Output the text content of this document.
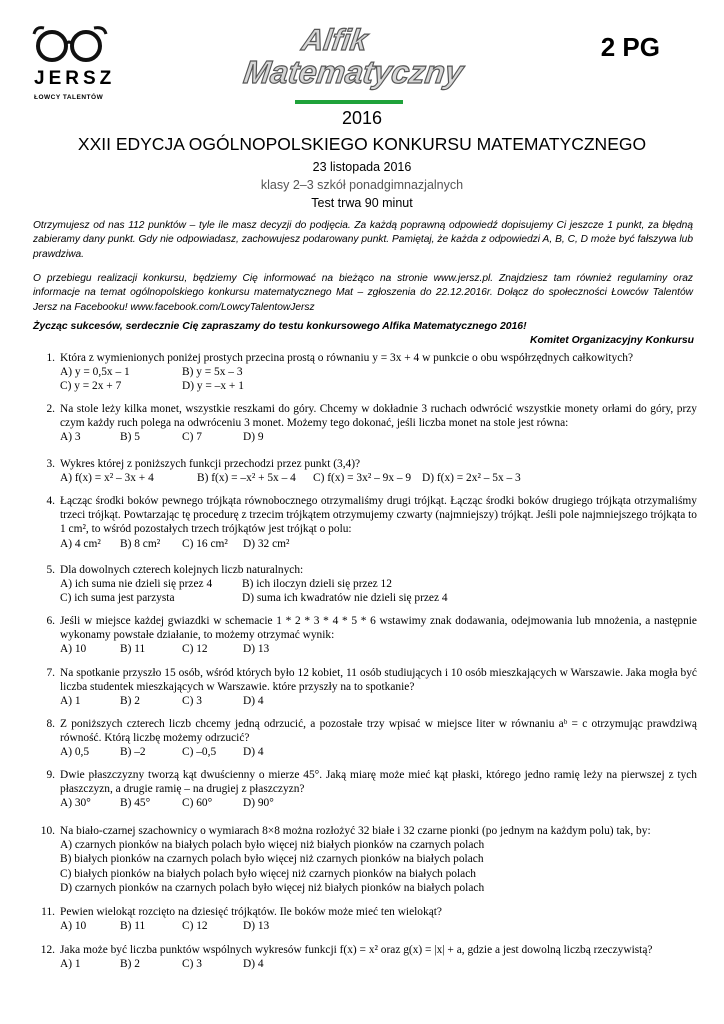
JERSZ
ŁOWCY TALENTÓW
Alfik
Matematyczny
2 PG
2016
XXII EDYCJA OGÓLNOPOLSKIEGO KONKURSU MATEMATYCZNEGO
23 listopada 2016
klasy 2–3 szkół ponadgimnazjalnych
Test trwa 90 minut
Otrzymujesz od nas 112 punktów – tyle ile masz decyzji do podjęcia. Za każdą poprawną odpowiedź dopisujemy Ci jeszcze 1 punkt, za błędną zabieramy dany punkt. Gdy nie odpowiadasz, zachowujesz podarowany punkt. Pamiętaj, że każda z odpowiedzi A, B, C, D może być fałszywa lub prawdziwa.
O przebiegu realizacji konkursu, będziemy Cię informować na bieżąco na stronie www.jersz.pl. Znajdziesz tam również regulaminy oraz informacje na temat ogólnopolskiego konkursu matematycznego Mat – zgłoszenia do 22.12.2016r. Dołącz do społeczności Łowców Talentów Jersz na Facebooku! www.facebook.com/LowcyTalentowJersz
Życząc sukcesów, serdecznie Cię zapraszamy do testu konkursowego Alfika Matematycznego 2016!
Komitet Organizacyjny Konkursu
1. Która z wymienionych poniżej prostych przecina prostą o równaniu y = 3x + 4 w punkcie o obu współrzędnych całkowitych?
A) y = 0,5x – 1	B) y = 5x – 3
C) y = 2x + 7	D) y = –x + 1
2. Na stole leży kilka monet, wszystkie reszkami do góry. Chcemy w dokładnie 3 ruchach odwrócić wszystkie monety orłami do góry, przy czym każdy ruch polega na odwróceniu 3 monet. Możemy tego dokonać, jeśli liczba monet na stole jest równa:
A) 3	B) 5	C) 7	D) 9
3. Wykres której z poniższych funkcji przechodzi przez punkt (3,4)?
A) f(x) = x² – 3x + 4	B) f(x) = –x² + 5x – 4 C) f(x) = 3x² – 9x – 9 D) f(x) = 2x² – 5x – 3
4. Łącząc środki boków pewnego trójkąta równobocznego otrzymaliśmy drugi trójkąt. Łącząc środki boków drugiego trójkąta otrzymaliśmy trzeci trójkąt. Powtarzając tę procedurę z trzecim trójkątem otrzymujemy czwarty (najmniejszy) trójkąt. Jeśli pole najmniejszego trójkąta to 1 cm², to wśród pozostałych trzech trójkątów jest trójkąt o polu:
A) 4 cm² B) 8 cm² C) 16 cm² D) 32 cm²
5. Dla dowolnych czterech kolejnych liczb naturalnych:
A) ich suma nie dzieli się przez 4	B) ich iloczyn dzieli się przez 12
C) ich suma jest parzysta	D) suma ich kwadratów nie dzieli się przez 4
6. Jeśli w miejsce każdej gwiazdki w schemacie 1 * 2 * 3 * 4 * 5 * 6 wstawimy znak dodawania, odejmowania lub mnożenia, a następnie wykonamy powstałe działanie, to możemy otrzymać wynik:
A) 10	B) 11	C) 12	D) 13
7. Na spotkanie przyszło 15 osób, wśród których było 12 kobiet, 11 osób studiujących i 10 osób mieszkających w Warszawie. Jaka mogła być liczba studentek mieszkających w Warszawie. które przyszły na to spotkanie?
A) 1	B) 2	C) 3	D) 4
8. Z poniższych czterech liczb chcemy jedną odrzucić, a pozostałe trzy wpisać w miejsce liter w równaniu aᵇ = c otrzymując prawdziwą równość. Którą liczbę możemy odrzucić?
A) 0,5	B) –2	C) –0,5 D) 4
9. Dwie płaszczyzny tworzą kąt dwuścienny o mierze 45°. Jaką miarę może mieć kąt płaski, którego jedno ramię leży na pierwszej z tych płaszczyzn, a drugie ramię – na drugiej z płaszczyzn?
A) 30°	B) 45°	C) 60°	D) 90°
10. Na biało-czarnej szachownicy o wymiarach 8×8 można rozłożyć 32 białe i 32 czarne pionki (po jednym na każdym polu) tak, by:
A) czarnych pionków na białych polach było więcej niż białych pionków na czarnych polach
B) białych pionków na czarnych polach było więcej niż czarnych pionków na białych polach
C) białych pionków na białych polach było więcej niż czarnych pionków na białych polach
D) czarnych pionków na czarnych polach było więcej niż białych pionków na białych polach
11. Pewien wielokąt rozcięto na dziesięć trójkątów. Ile boków może mieć ten wielokąt?
A) 10	B) 11	C) 12	D) 13
12. Jaka może być liczba punktów wspólnych wykresów funkcji f(x) = x² oraz g(x) = |x| + a, gdzie a jest dowolną liczbą rzeczywistą?
A) 1	B) 2	C) 3	D) 4
